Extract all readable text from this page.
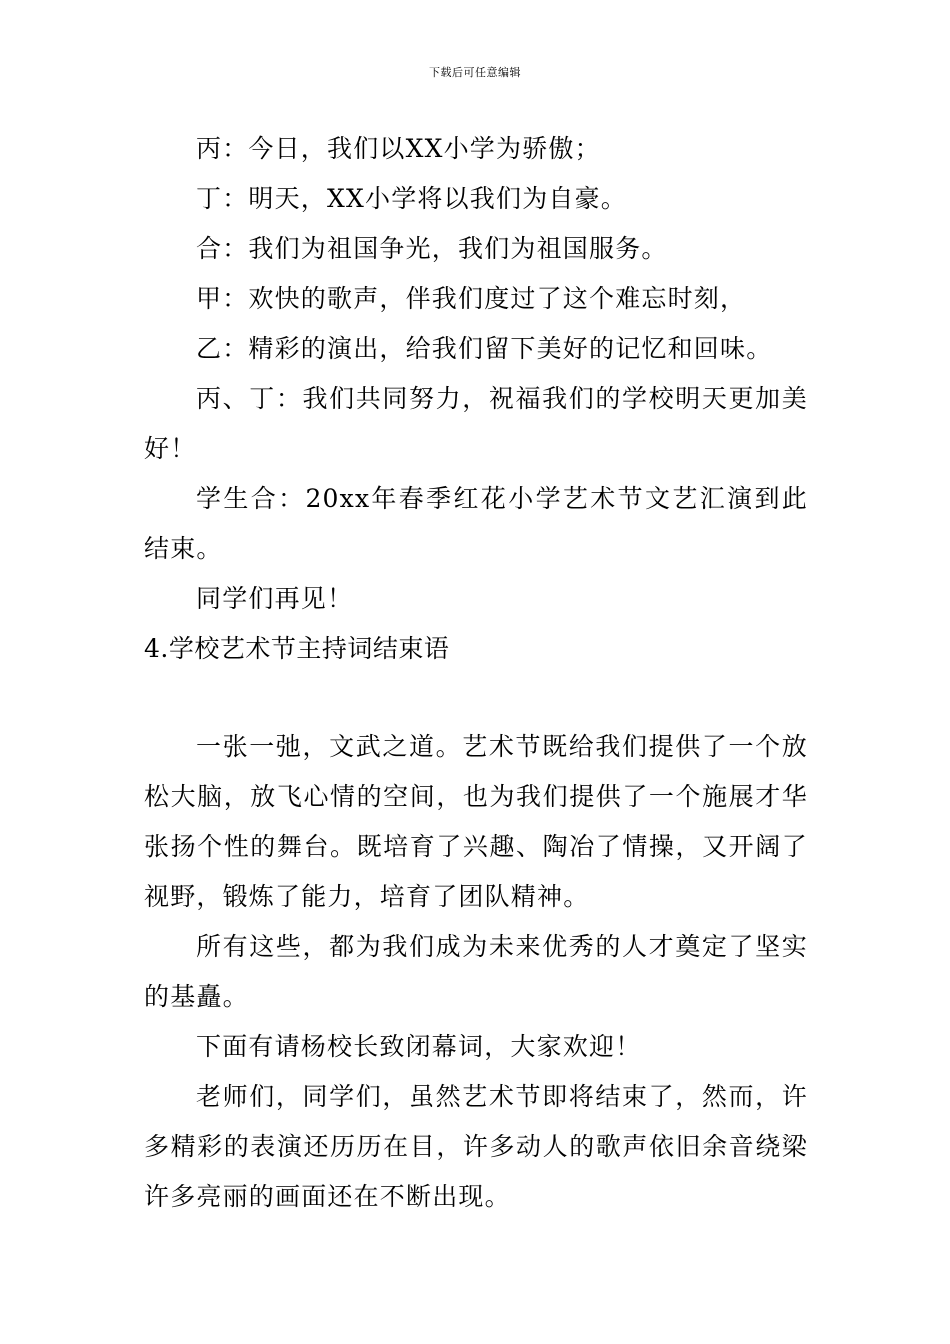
下载后可任意编辑

丙：今日，我们以XX小学为骄傲；

丁：明天，XX小学将以我们为自豪。

合：我们为祖国争光，我们为祖国服务。

甲：欢快的歌声，伴我们度过了这个难忘时刻，

乙：精彩的演出，给我们留下美好的记忆和回味。

丙、丁：我们共同努力，祝福我们的学校明天更加美好！

学生合：20xx年春季红花小学艺术节文艺汇演到此结束。

同学们再见！

4.学校艺术节主持词结束语

一张一弛，文武之道。艺术节既给我们提供了一个放松大脑，放飞心情的空间，也为我们提供了一个施展才华张扬个性的舞台。既培育了兴趣、陶冶了情操，又开阔了视野，锻炼了能力，培育了团队精神。

所有这些，都为我们成为未来优秀的人才奠定了坚实的基矗。

下面有请杨校长致闭幕词，大家欢迎！

老师们，同学们，虽然艺术节即将结束了，然而，许多精彩的表演还历历在目，许多动人的歌声依旧余音绕梁许多亮丽的画面还在不断出现。
